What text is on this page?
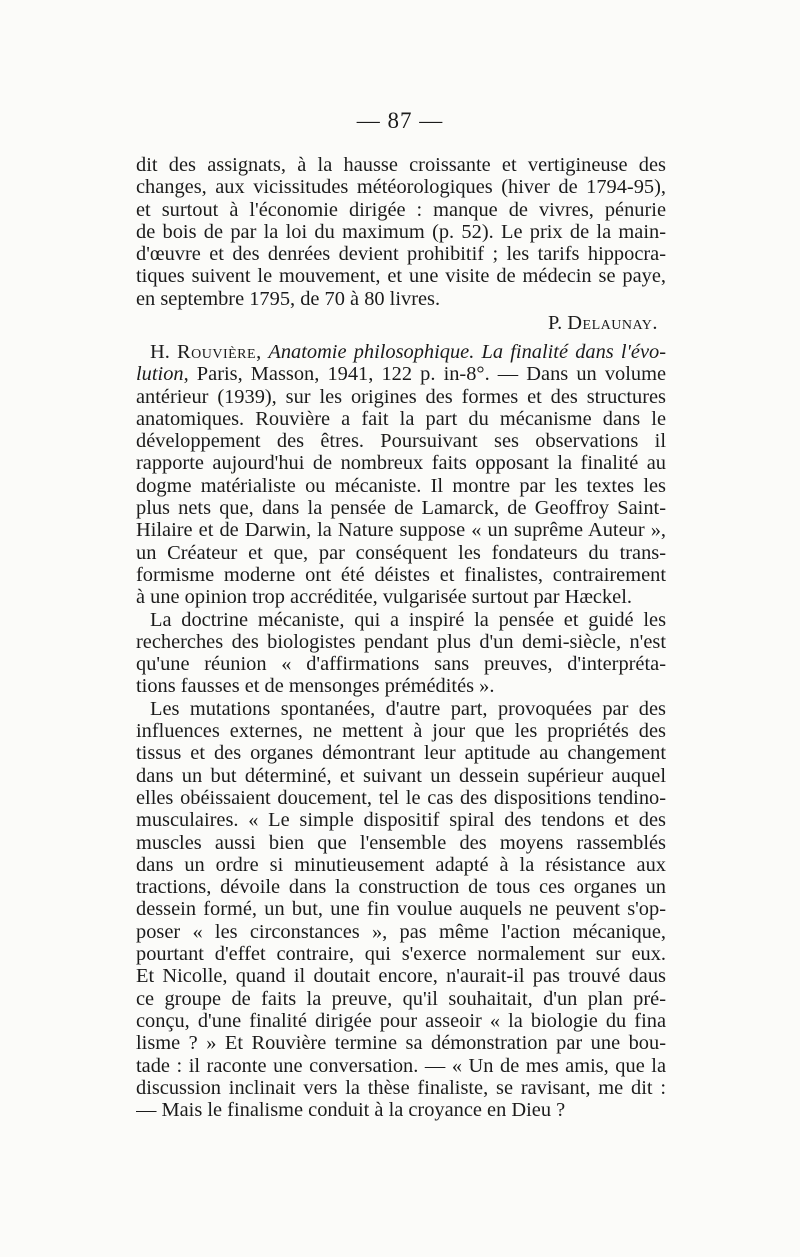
— 87 —
dit des assignats, à la hausse croissante et vertigineuse des
changes, aux vicissitudes météorologiques (hiver de 1794-95),
et surtout à l'économie dirigée : manque de vivres, pénurie
de bois de par la loi du maximum (p. 52). Le prix de la main-
d'œuvre et des denrées devient prohibitif ; les tarifs hippocra-
tiques suivent le mouvement, et une visite de médecin se paye,
en septembre 1795, de 70 à 80 livres.
P. Delaunay.
H. Rouvière, Anatomie philosophique. La finalité dans l'évo-
lution, Paris, Masson, 1941, 122 p. in-8°. — Dans un volume
antérieur (1939), sur les origines des formes et des structures
anatomiques. Rouvière a fait la part du mécanisme dans le
développement des êtres. Poursuivant ses observations il
rapporte aujourd'hui de nombreux faits opposant la finalité au
dogme matérialiste ou mécaniste. Il montre par les textes les
plus nets que, dans la pensée de Lamarck, de Geoffroy Saint-
Hilaire et de Darwin, la Nature suppose « un suprême Auteur »,
un Créateur et que, par conséquent les fondateurs du trans-
formisme moderne ont été déistes et finalistes, contrairement
à une opinion trop accréditée, vulgarisée surtout par Hæckel.
La doctrine mécaniste, qui a inspiré la pensée et guidé les
recherches des biologistes pendant plus d'un demi-siècle, n'est
qu'une réunion « d'affirmations sans preuves, d'interpréta-
tions fausses et de mensonges prémédités ».
Les mutations spontanées, d'autre part, provoquées par des
influences externes, ne mettent à jour que les propriétés des
tissus et des organes démontrant leur aptitude au changement
dans un but déterminé, et suivant un dessein supérieur auquel
elles obéissaient doucement, tel le cas des dispositions tendino-
musculaires. « Le simple dispositif spiral des tendons et des
muscles aussi bien que l'ensemble des moyens rassemblés
dans un ordre si minutieusement adapté à la résistance aux
tractions, dévoile dans la construction de tous ces organes un
dessein formé, un but, une fin voulue auquels ne peuvent s'op-
poser « les circonstances », pas même l'action mécanique,
pourtant d'effet contraire, qui s'exerce normalement sur eux.
Et Nicolle, quand il doutait encore, n'aurait-il pas trouvé daus
ce groupe de faits la preuve, qu'il souhaitait, d'un plan pré-
conçu, d'une finalité dirigée pour asseoir « la biologie du fina
lisme ? » Et Rouvière termine sa démonstration par une bou-
tade : il raconte une conversation. — « Un de mes amis, que la
discussion inclinait vers la thèse finaliste, se ravisant, me dit :
— Mais le finalisme conduit à la croyance en Dieu ?
